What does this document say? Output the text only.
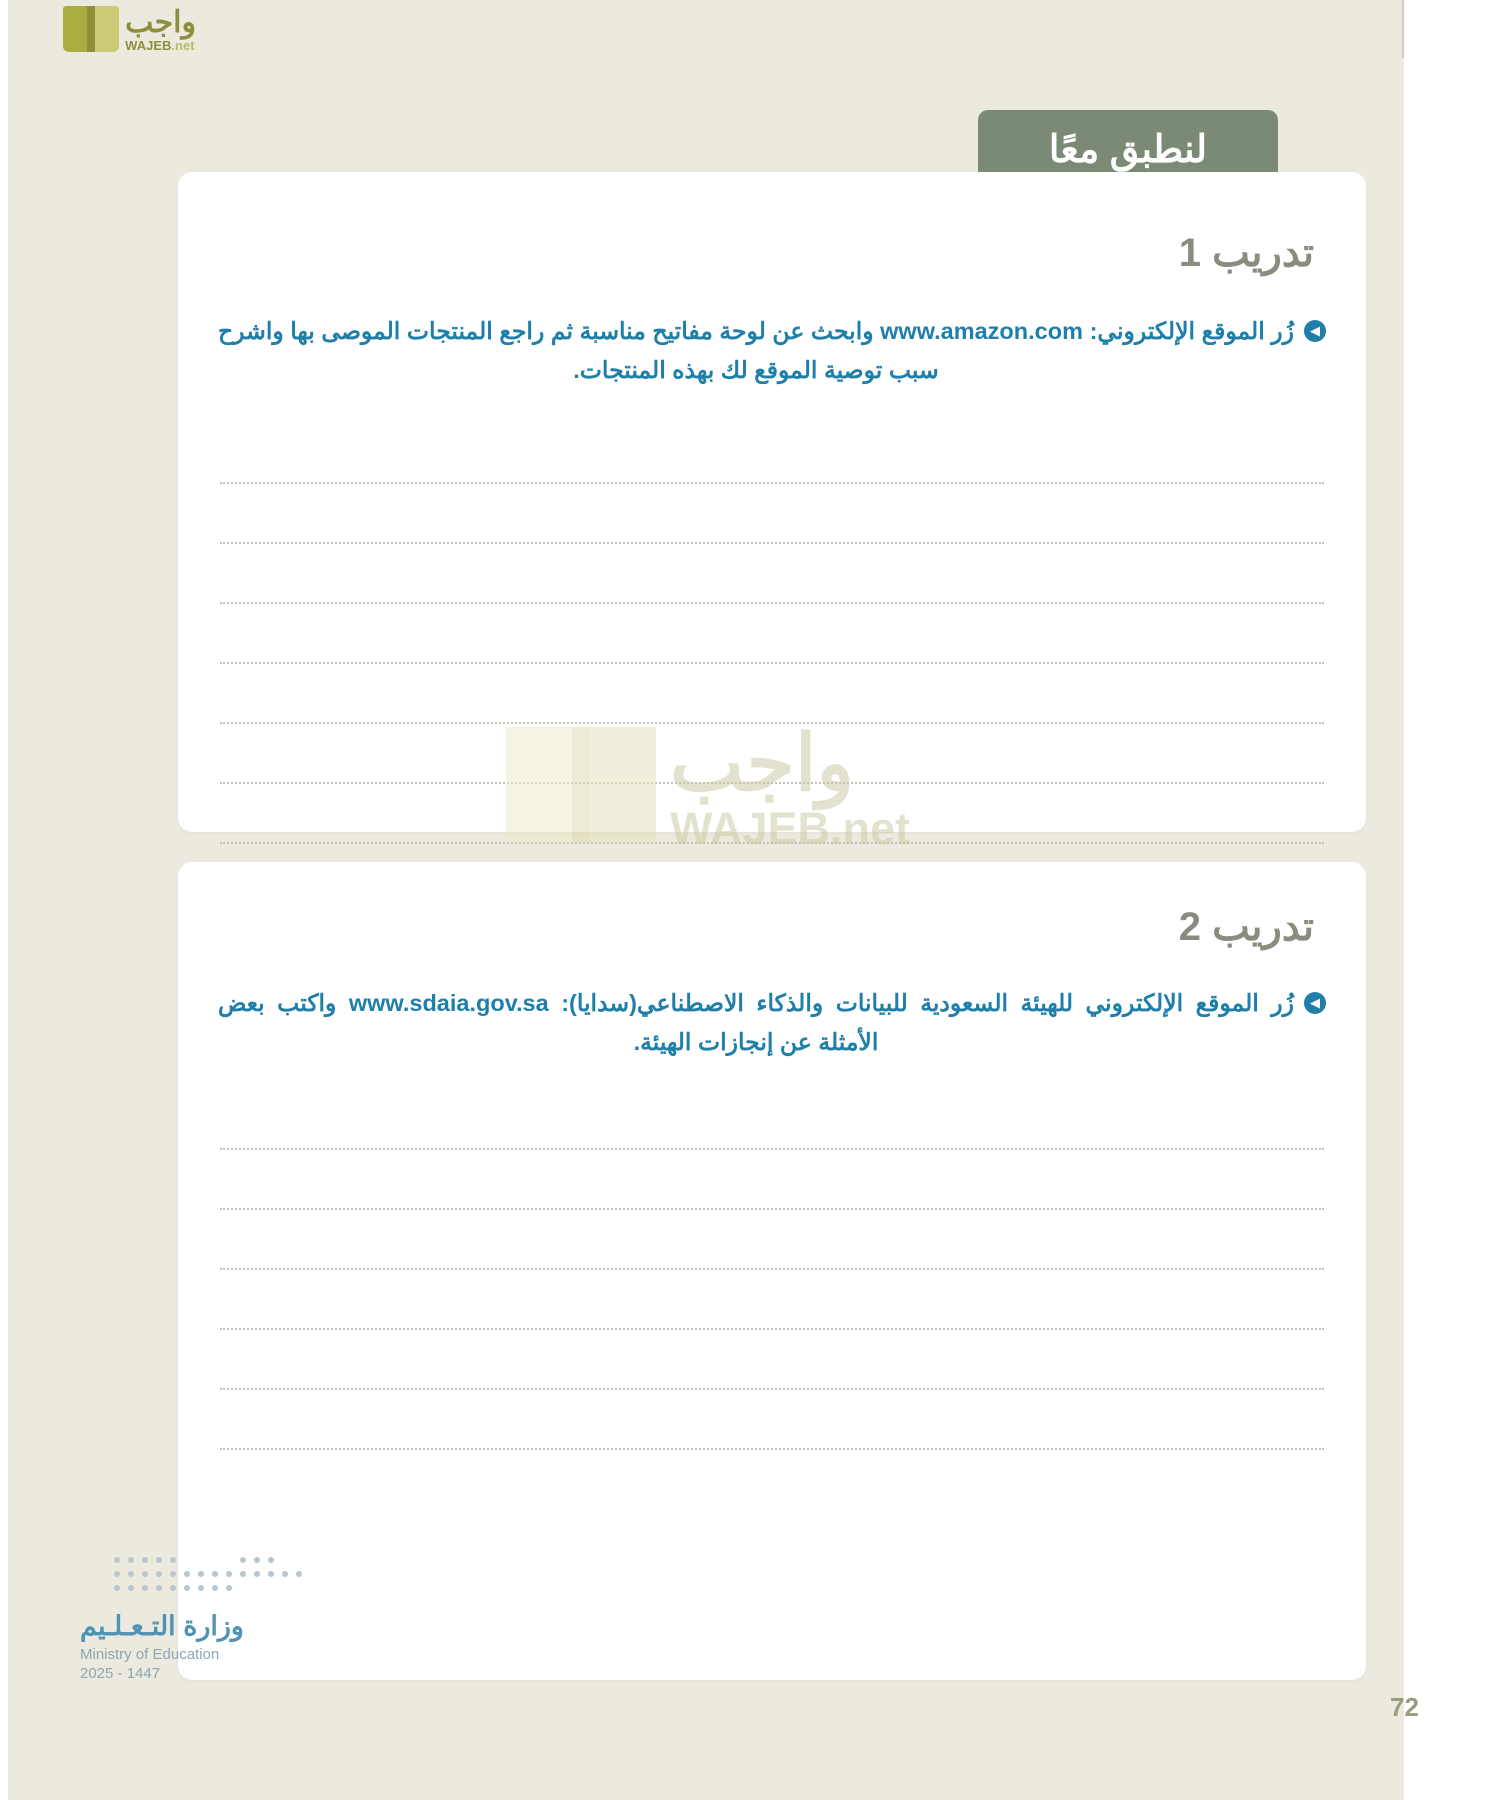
واجب
WAJEB.net
لنطبق معًا
تدريب 1
◀
زُر الموقع الإلكتروني: www.amazon.com وابحث عن لوحة مفاتيح مناسبة ثم راجع المنتجات الموصى بها واشرح سبب توصية الموقع لك بهذه المنتجات.
واجب
WAJEB.net
تدريب 2
◀
زُر الموقع الإلكتروني للهيئة السعودية للبيانات والذكاء الاصطناعي(سدايا): www.sdaia.gov.sa واكتب بعض الأمثلة عن إنجازات الهيئة.
وزارة التـعـلـيم
Ministry of Education
2025 - 1447
72
